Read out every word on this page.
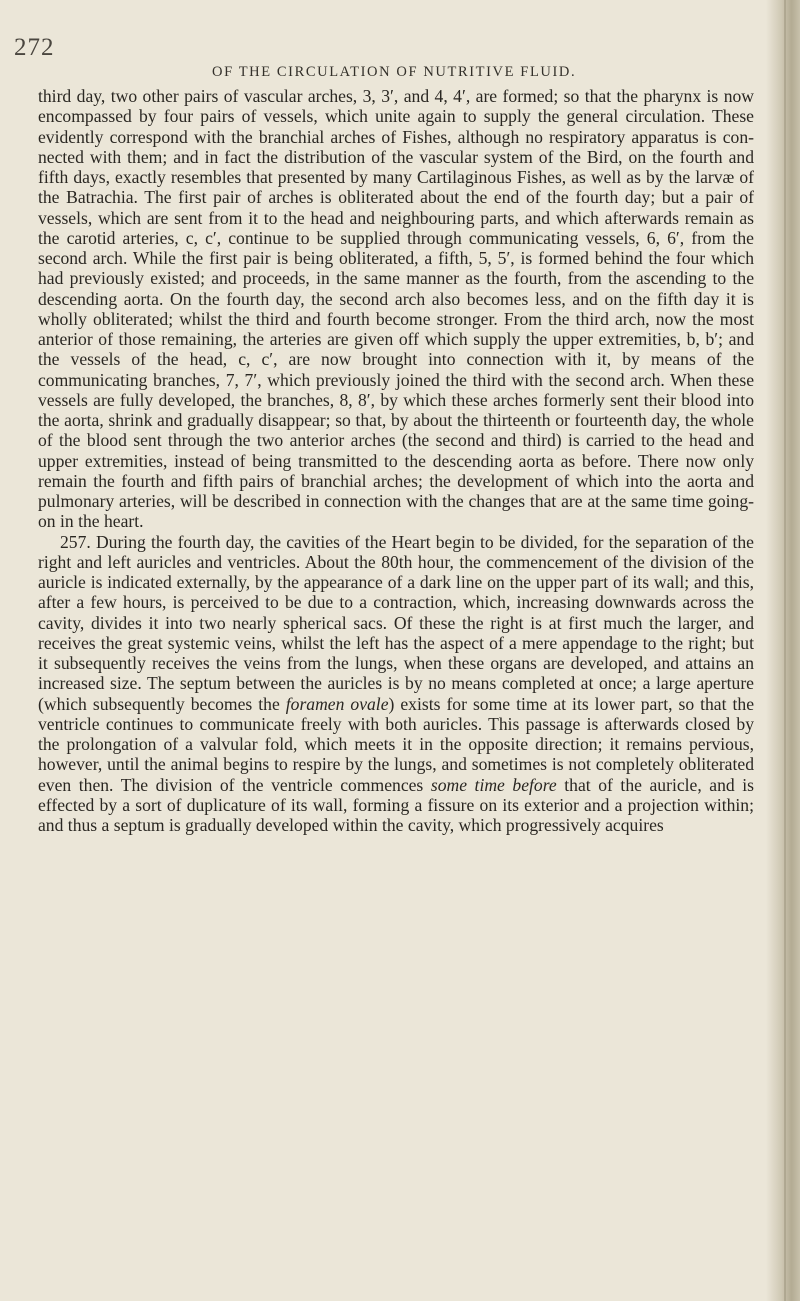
272
OF THE CIRCULATION OF NUTRITIVE FLUID.

third day, two other pairs of vascular arches, 3, 3′, and 4, 4′, are formed; so that the pharynx is now encompassed by four pairs of vessels, which unite again to supply the general circulation. These evidently correspond with the branchial arches of Fishes, although no respiratory apparatus is connected with them; and in fact the distribution of the vascular system of the Bird, on the fourth and fifth days, exactly resembles that presented by many Cartilaginous Fishes, as well as by the larvæ of the Batrachia. The first pair of arches is obliterated about the end of the fourth day; but a pair of vessels, which are sent from it to the head and neighbouring parts, and which afterwards remain as the carotid arteries, c, c′, continue to be supplied through communicating vessels, 6, 6′, from the second arch. While the first pair is being obliterated, a fifth, 5, 5′, is formed behind the four which had previously existed; and proceeds, in the same manner as the fourth, from the ascending to the descending aorta. On the fourth day, the second arch also becomes less, and on the fifth day it is wholly obliterated; whilst the third and fourth become stronger. From the third arch, now the most anterior of those remaining, the arteries are given off which supply the upper extremities, b, b′; and the vessels of the head, c, c′, are now brought into connection with it, by means of the communicating branches, 7, 7′, which previously joined the third with the second arch. When these vessels are fully developed, the branches, 8, 8′, by which these arches formerly sent their blood into the aorta, shrink and gradually disappear; so that, by about the thirteenth or fourteenth day, the whole of the blood sent through the two anterior arches (the second and third) is carried to the head and upper extremities, instead of being transmitted to the descending aorta as before. There now only remain the fourth and fifth pairs of branchial arches; the development of which into the aorta and pulmonary arteries, will be described in connection with the changes that are at the same time going-on in the heart.

257. During the fourth day, the cavities of the Heart begin to be divided, for the separation of the right and left auricles and ventricles. About the 80th hour, the commencement of the division of the auricle is indicated externally, by the appearance of a dark line on the upper part of its wall; and this, after a few hours, is perceived to be due to a contraction, which, increasing downwards across the cavity, divides it into two nearly spherical sacs. Of these the right is at first much the larger, and receives the great systemic veins, whilst the left has the aspect of a mere appendage to the right; but it subsequently receives the veins from the lungs, when these organs are developed, and attains an increased size. The septum between the auricles is by no means completed at once; a large aperture (which subsequently becomes the foramen ovale) exists for some time at its lower part, so that the ventricle continues to communicate freely with both auricles. This passage is afterwards closed by the prolongation of a valvular fold, which meets it in the opposite direction; it remains pervious, however, until the animal begins to respire by the lungs, and sometimes is not completely obliterated even then. The division of the ventricle commences some time before that of the auricle, and is effected by a sort of duplicature of its wall, forming a fissure on its exterior and a projection within; and thus a septum is gradually developed within the cavity, which progressively acquires
